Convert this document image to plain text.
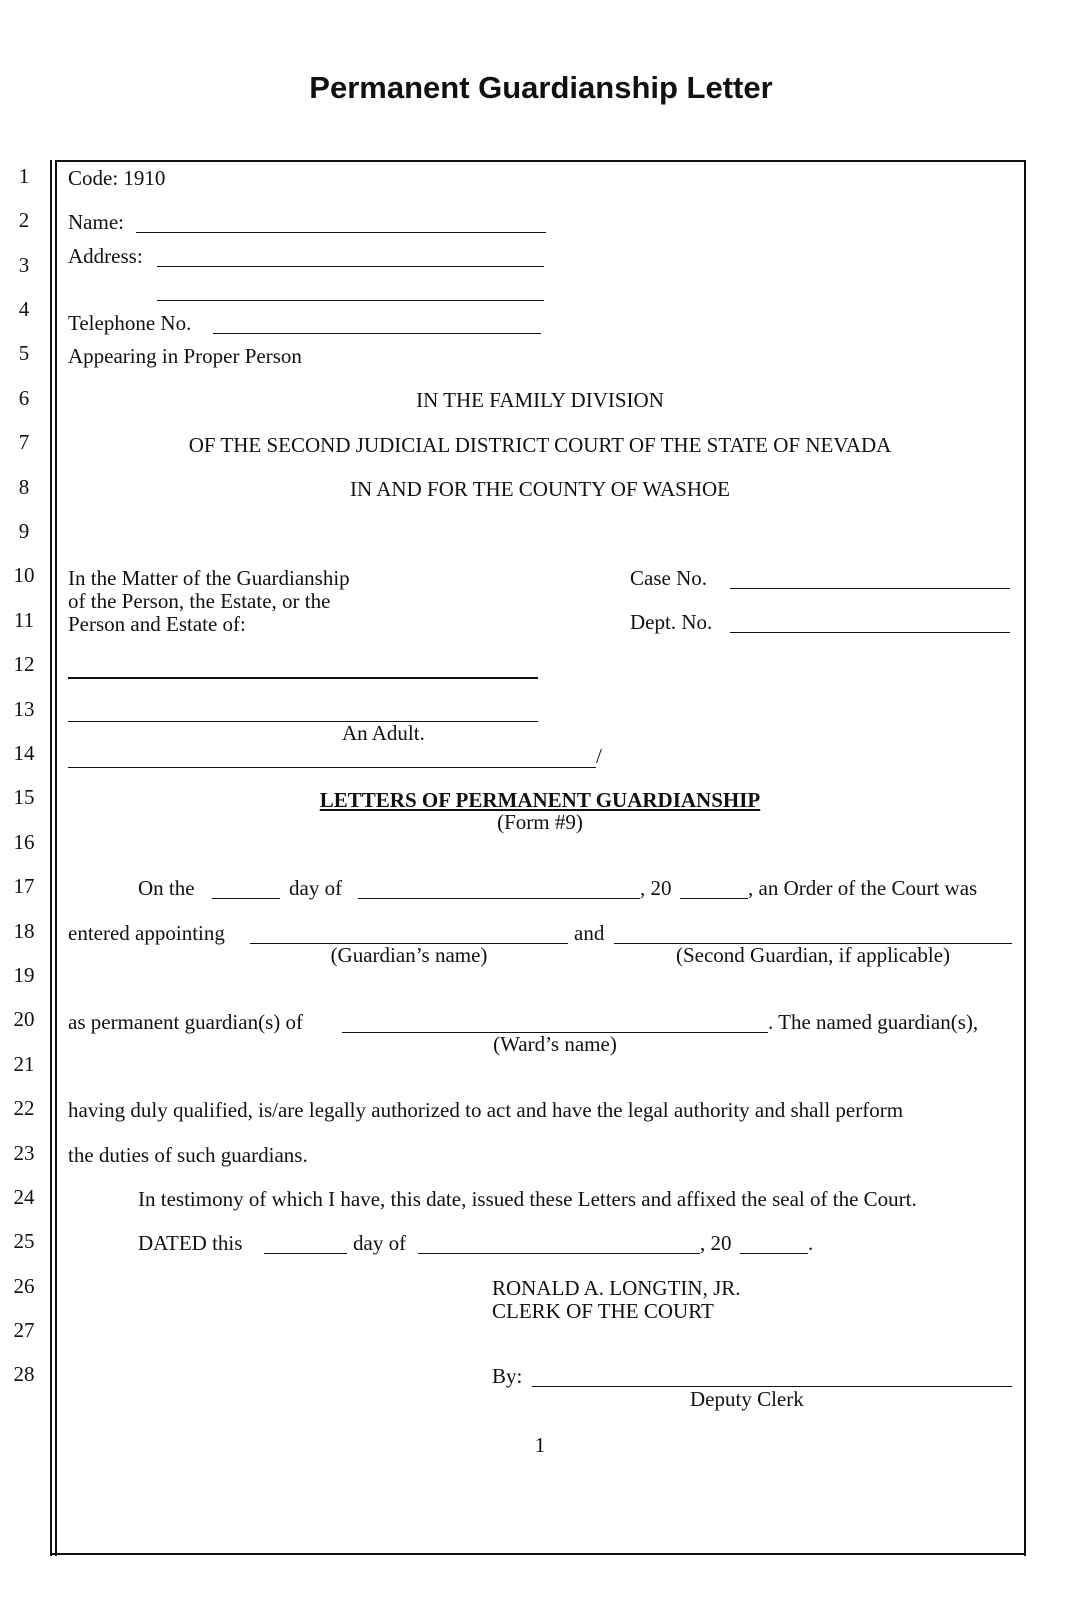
Permanent Guardianship Letter
1
2
3
4
5
6
7
8
9
10
11
12
13
14
15
16
17
18
19
20
21
22
23
24
25
26
27
28
Code: 1910
Name:
Address:
Telephone No.
Appearing in Proper Person
IN THE FAMILY DIVISION
OF THE SECOND JUDICIAL DISTRICT COURT OF THE STATE OF NEVADA
IN AND FOR THE COUNTY OF WASHOE
In the Matter of the Guardianship
of the Person, the Estate, or the
Person and Estate of:
Case No.
Dept. No.
An Adult.
/
LETTERS OF PERMANENT GUARDIANSHIP
(Form #9)
On the	day of	, 20	, an Order of the Court was
entered appointing	and
(Guardian’s name)	(Second Guardian, if applicable)
as permanent guardian(s) of	. The named guardian(s),
(Ward’s name)
having duly qualified, is/are legally authorized to act and have the legal authority and shall perform
the duties of such guardians.
In testimony of which I have, this date, issued these Letters and affixed the seal of the Court.
DATED this	day of	, 20	.
RONALD A. LONGTIN, JR.
CLERK OF THE COURT
By:
Deputy Clerk
1
